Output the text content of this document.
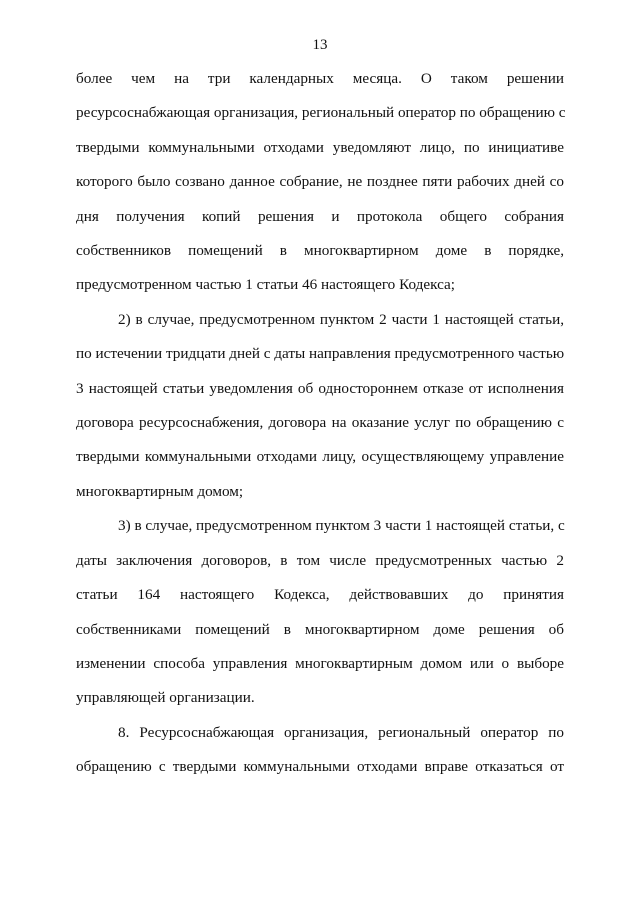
13
более чем на три календарных месяца. О таком решении
ресурсоснабжающая организация, региональный оператор по обращению с
твердыми коммунальными отходами уведомляют лицо, по инициативе
которого было созвано данное собрание, не позднее пяти рабочих дней со
дня получения копий решения и протокола общего собрания
собственников помещений в многоквартирном доме в порядке,
предусмотренном частью 1 статьи 46 настоящего Кодекса;
2) в случае, предусмотренном пунктом 2 части 1 настоящей статьи,
по истечении тридцати дней с даты направления предусмотренного частью
3 настоящей статьи уведомления об одностороннем отказе от исполнения
договора ресурсоснабжения, договора на оказание услуг по обращению с
твердыми коммунальными отходами лицу, осуществляющему управление
многоквартирным домом;
3) в случае, предусмотренном пунктом 3 части 1 настоящей статьи, с
даты заключения договоров, в том числе предусмотренных частью 2
статьи 164 настоящего Кодекса, действовавших до принятия
собственниками помещений в многоквартирном доме решения об
изменении способа управления многоквартирным домом или о выборе
управляющей организации.
8. Ресурсоснабжающая организация, региональный оператор по
обращению с твердыми коммунальными отходами вправе отказаться от
